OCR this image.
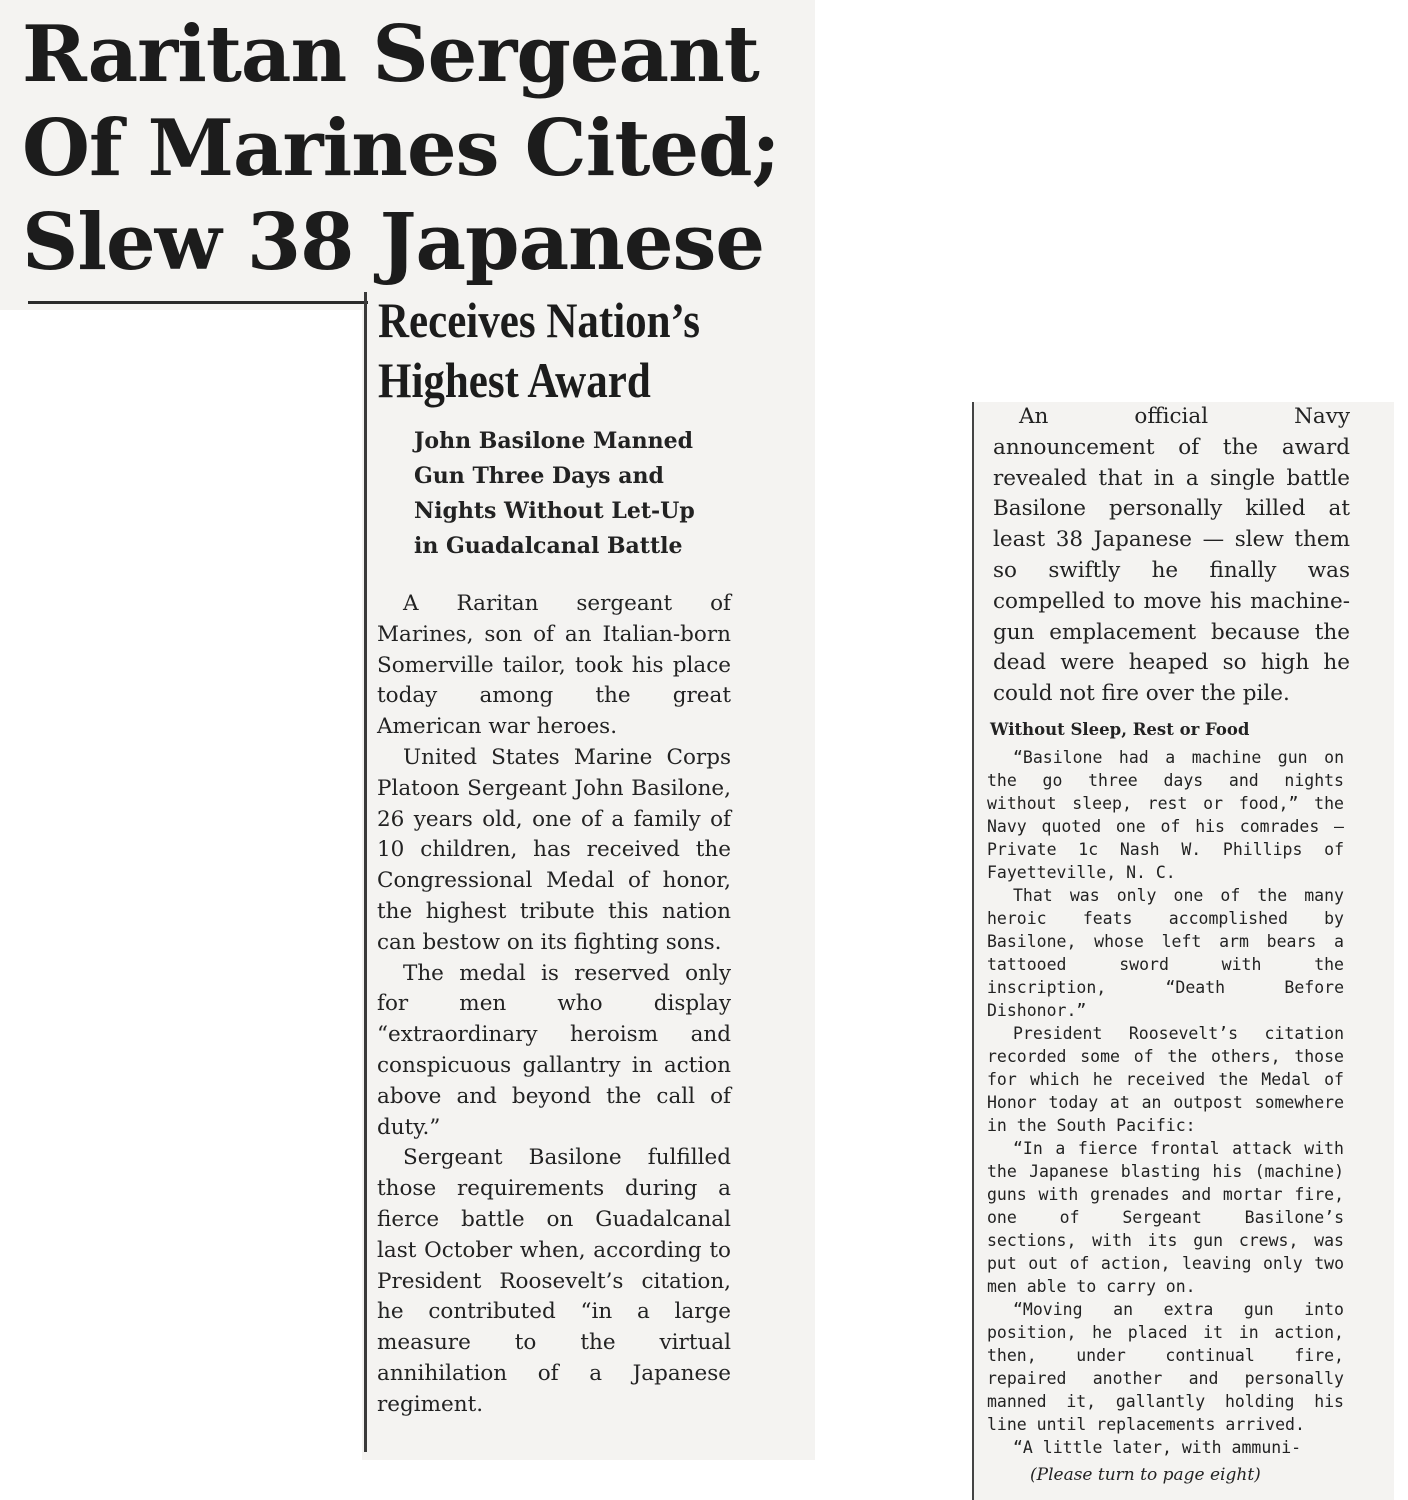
Raritan Sergeant
Of Marines Cited;
Slew 38 Japanese
Receives Nation’s
Highest Award
John Basilone Manned
Gun Three Days and
Nights Without Let-Up
in Guadalcanal Battle

A Raritan sergeant of Marines, son of an Italian-born Somerville tailor, took his place today among the great American war heroes.

United States Marine Corps Platoon Sergeant John Basilone, 26 years old, one of a family of 10 children, has received the Congressional Medal of honor, the highest tribute this nation can bestow on its fighting sons.

The medal is reserved only for men who display “extraordinary heroism and conspicuous gallantry in action above and beyond the call of duty.”

Sergeant Basilone fulfilled those requirements during a fierce battle on Guadalcanal last October when, according to President Roosevelt’s citation, he contributed “in a large measure to the virtual annihilation of a Japanese regiment.

An official Navy announcement of the award revealed that in a single battle Basilone personally killed at least 38 Japanese — slew them so swiftly he finally was compelled to move his machine-gun emplacement because the dead were heaped so high he could not fire over the pile.

Without Sleep, Rest or Food

“Basilone had a machine gun on the go three days and nights without sleep, rest or food,” the Navy quoted one of his comrades —Private 1c Nash W. Phillips of Fayetteville, N. C.

That was only one of the many heroic feats accomplished by Basilone, whose left arm bears a tattooed sword with the inscription, “Death Before Dishonor.”

President Roosevelt’s citation recorded some of the others, those for which he received the Medal of Honor today at an outpost somewhere in the South Pacific:

“In a fierce frontal attack with the Japanese blasting his (machine) guns with grenades and mortar fire, one of Sergeant Basilone’s sections, with its gun crews, was put out of action, leaving only two men able to carry on.

“Moving an extra gun into position, he placed it in action, then, under continual fire, repaired another and personally manned it, gallantly holding his line until replacements arrived.

“A little later, with ammuni-

(Please turn to page eight)
